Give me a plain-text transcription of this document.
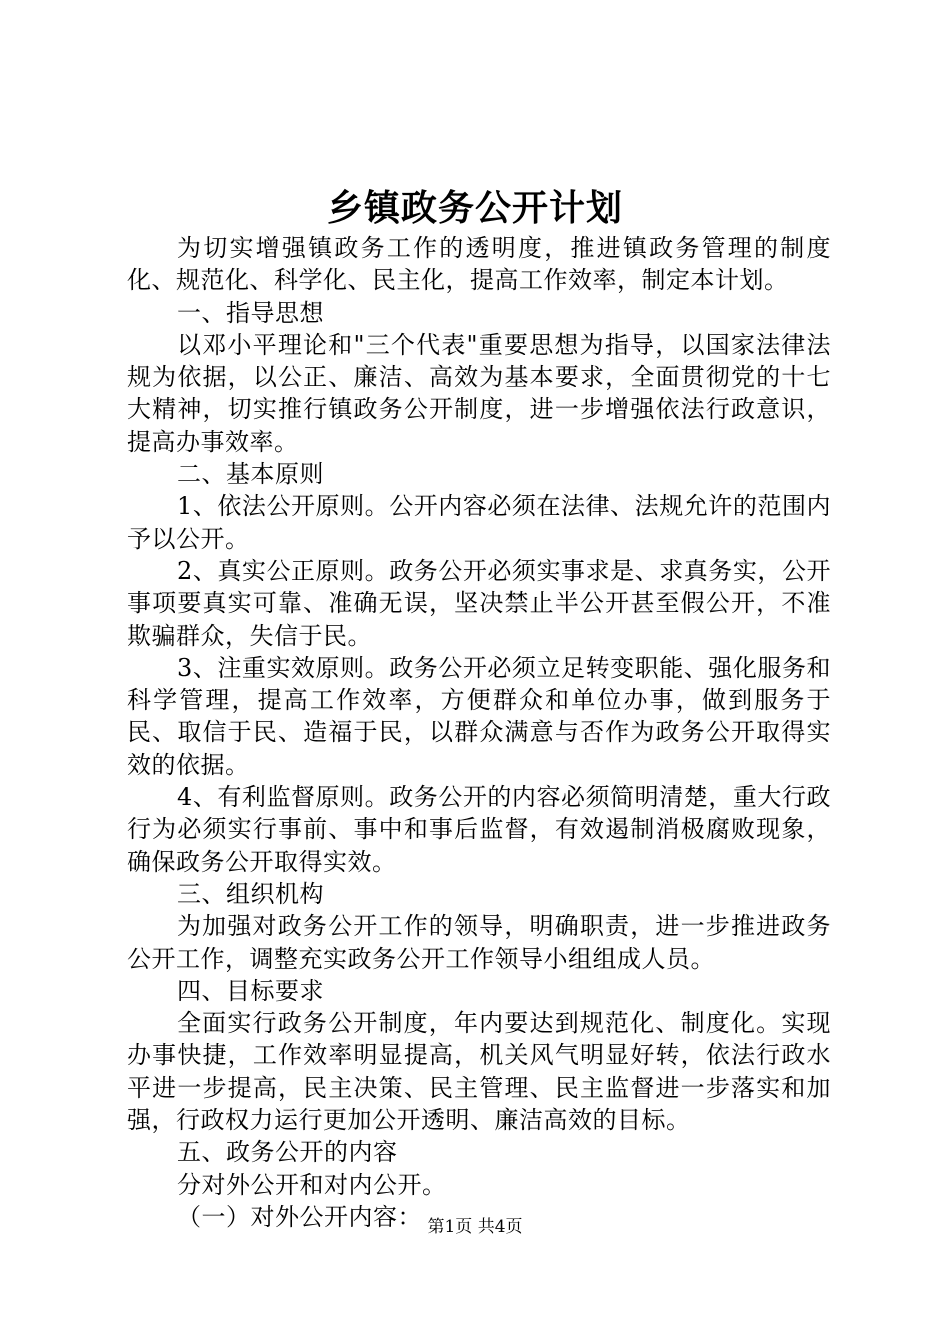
乡镇政务公开计划

为切实增强镇政务工作的透明度，推进镇政务管理的制度化、规范化、科学化、民主化，提高工作效率，制定本计划。

一、指导思想

以邓小平理论和"三个代表"重要思想为指导，以国家法律法规为依据，以公正、廉洁、高效为基本要求，全面贯彻党的十七大精神，切实推行镇政务公开制度，进一步增强依法行政意识，提高办事效率。

二、基本原则

1、依法公开原则。公开内容必须在法律、法规允许的范围内予以公开。

2、真实公正原则。政务公开必须实事求是、求真务实，公开事项要真实可靠、准确无误，坚决禁止半公开甚至假公开，不准欺骗群众，失信于民。

3、注重实效原则。政务公开必须立足转变职能、强化服务和科学管理，提高工作效率，方便群众和单位办事，做到服务于民、取信于民、造福于民，以群众满意与否作为政务公开取得实效的依据。

4、有利监督原则。政务公开的内容必须简明清楚，重大行政行为必须实行事前、事中和事后监督，有效遏制消极腐败现象，确保政务公开取得实效。

三、组织机构

为加强对政务公开工作的领导，明确职责，进一步推进政务公开工作，调整充实政务公开工作领导小组组成人员。

四、目标要求

全面实行政务公开制度，年内要达到规范化、制度化。实现办事快捷，工作效率明显提高，机关风气明显好转，依法行政水平进一步提高，民主决策、民主管理、民主监督进一步落实和加强，行政权力运行更加公开透明、廉洁高效的目标。

五、政务公开的内容

分对外公开和对内公开。

（一）对外公开内容： 第1页 共4页
